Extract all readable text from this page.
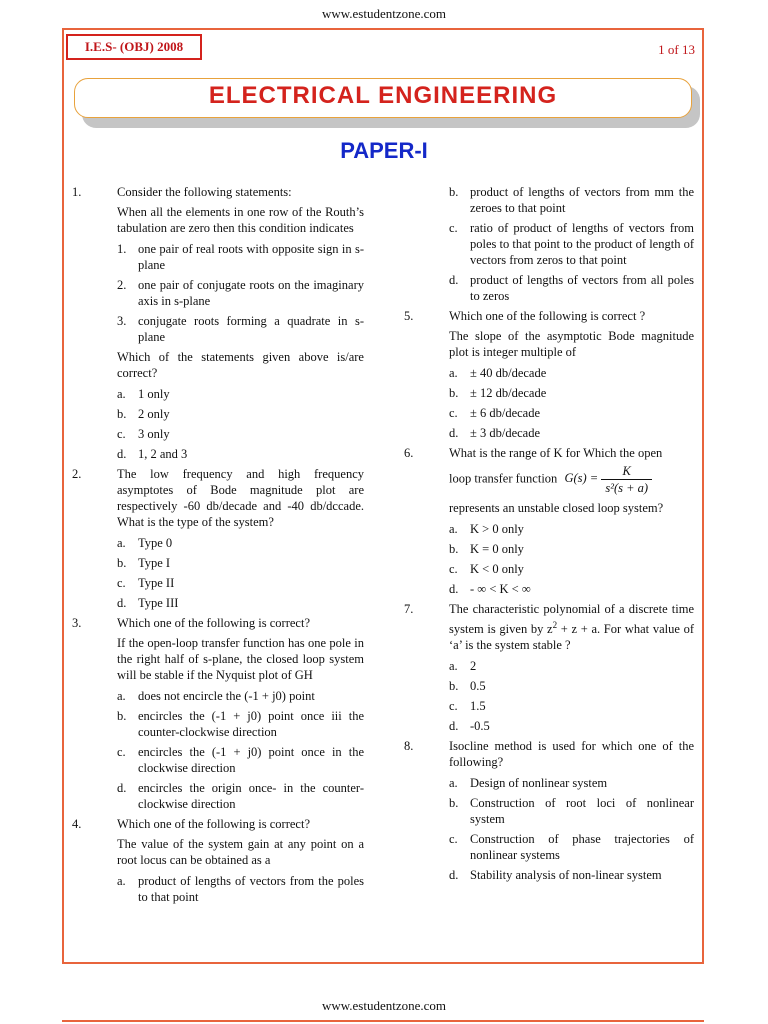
www.estudentzone.com
I.E.S- (OBJ) 2008	1 of 13
ELECTRICAL ENGINEERING
PAPER-I
1.	Consider the following statements:

When all the elements in one row of the Routh’s tabulation are zero then this condition indicates

1. one pair of real roots with opposite sign in s-plane
2. one pair of conjugate roots on the imaginary axis in s-plane
3. conjugate roots forming a quadrate in s-plane

Which of the statements given above is/are correct?

a. 1 only
b. 2 only
c. 3 only
d. 1, 2 and 3
2.	The low frequency and high frequency asymptotes of Bode magnitude plot are respectively -60 db/decade and -40 db/dccade. What is the type of the system?

a. Type 0
b. Type I
c. Type II
d. Type III
3.	Which one of the following is correct?

If the open-loop transfer function has one pole in the right half of s-plane, the closed loop system will be stable if the Nyquist plot of GH

a. does not encircle the (-1 + j0) point
b. encircles the (-1 + j0) point once iii the counter-clockwise direction
c. encircles the (-1 + j0) point once in the clockwise direction
d. encircles the origin once- in the counter-clockwise direction
4.	Which one of the following is correct?

The value of the system gain at any point on a root locus can be obtained as a

a. product of lengths of vectors from the poles to that point
b. product of lengths of vectors from mm the zeroes to that point
c. ratio of product of lengths of vectors from poles to that point to the product of length of vectors from zeros to that point
d. product of lengths of vectors from all poles to zeros
5.	Which one of the following is correct ?

The slope of the asymptotic Bode magnitude plot is integer multiple of

a. ± 40 db/decade
b. ± 12 db/decade
c. ± 6 db/decade
d. ± 3 db/decade
6.	What is the range of K for Which the open

loop transfer function $G(s) = \frac{K}{\text{s²(s + a)}}$

represents an unstable closed loop system?

a. K > 0 only
b. K = 0 only
c. K < 0 only
d. - ∞ < K < ∞
7.	The characteristic polynomial of a discrete time system is given by $z^2 + z + a$. For what value of ‘a’ is the system stable ?

a. 2
b. 0.5
c. 1.5
d. -0.5
8.	Isocline method is used for which one of the following?

a. Design of nonlinear system
b. Construction of root loci of nonlinear system
c. Construction of phase trajectories of nonlinear systems
d. Stability analysis of non-linear system
www.estudentzone.com
